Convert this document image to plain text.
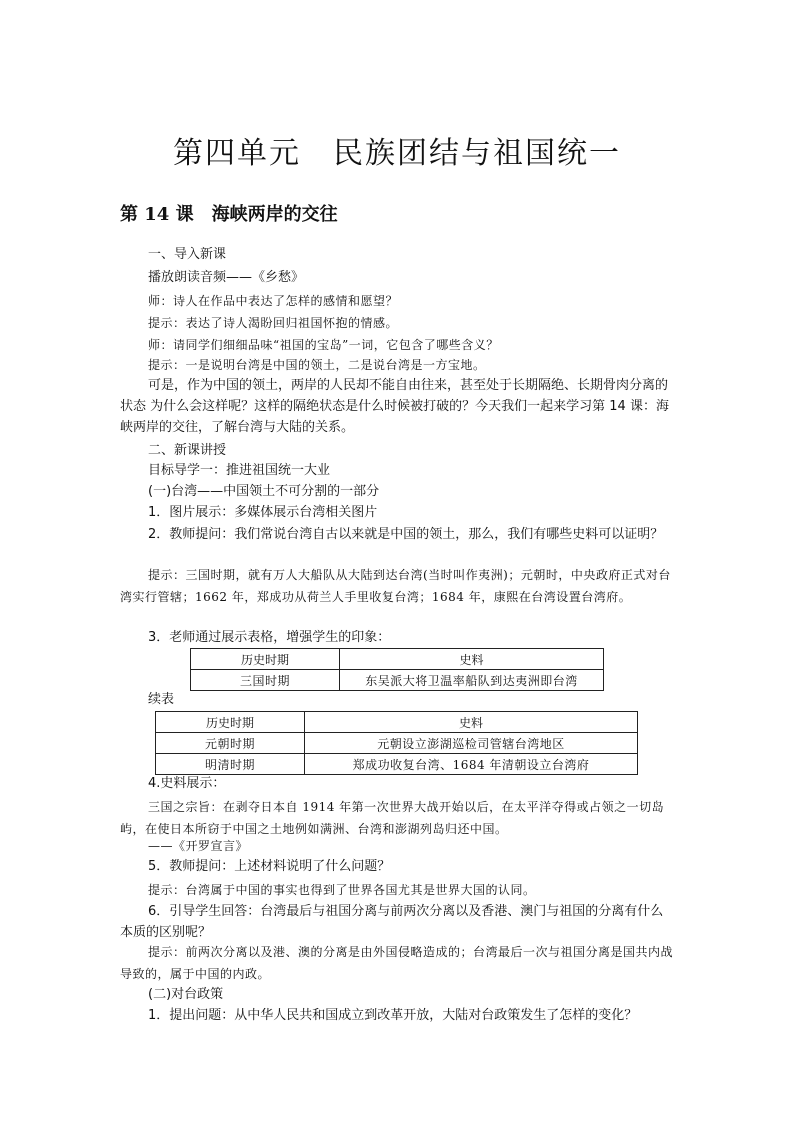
第四单元　民族团结与祖国统一
第 14 课　海峡两岸的交往
一、导入新课
播放朗读音频——《乡愁》
师：诗人在作品中表达了怎样的感情和愿望？
提示：表达了诗人渴盼回归祖国怀抱的情感。
师：请同学们细细品味“祖国的宝岛”一词，它包含了哪些含义？
提示：一是说明台湾是中国的领土，二是说台湾是一方宝地。

可是，作为中国的领土，两岸的人民却不能自由往来，甚至处于长期隔绝、长期骨肉分离的状态 为什么会这样呢？这样的隔绝状态是什么时候被打破的？今天我们一起来学习第 14 课：海峡两岸的交往，了解台湾与大陆的关系。

二、新课讲授
目标导学一：推进祖国统一大业
(一)台湾——中国领土不可分割的一部分
1．图片展示：多媒体展示台湾相关图片

2．教师提问：我们常说台湾自古以来就是中国的领土，那么，我们有哪些史料可以证明？

提示：三国时期，就有万人大船队从大陆到达台湾(当时叫作夷洲)；元朝时，中央政府正式对台湾实行管辖；1662 年，郑成功从荷兰人手里收复台湾；1684 年，康熙在台湾设置台湾府。

3．老师通过展示表格，增强学生的印象：
历史时期	史料
三国时期	东吴派大将卫温率船队到达夷洲即台湾
续表
历史时期	史料
元朝时期	元朝设立澎湖巡检司管辖台湾地区
明清时期	郑成功收复台湾、1684 年清朝设立台湾府
4.史料展示：

三国之宗旨：在剥夺日本自 1914 年第一次世界大战开始以后，在太平洋夺得或占领之一切岛屿，在使日本所窃于中国之土地例如满洲、台湾和澎湖列岛归还中国。

——《开罗宣言》
5．教师提问：上述材料说明了什么问题？
提示：台湾属于中国的事实也得到了世界各国尤其是世界大国的认同。

6．引导学生回答：台湾最后与祖国分离与前两次分离以及香港、澳门与祖国的分离有什么本质的区别呢？

提示：前两次分离以及港、澳的分离是由外国侵略造成的；台湾最后一次与祖国分离是国共内战导致的，属于中国的内政。

(二)对台政策
1．提出问题：从中华人民共和国成立到改革开放，大陆对台政策发生了怎样的变化？
